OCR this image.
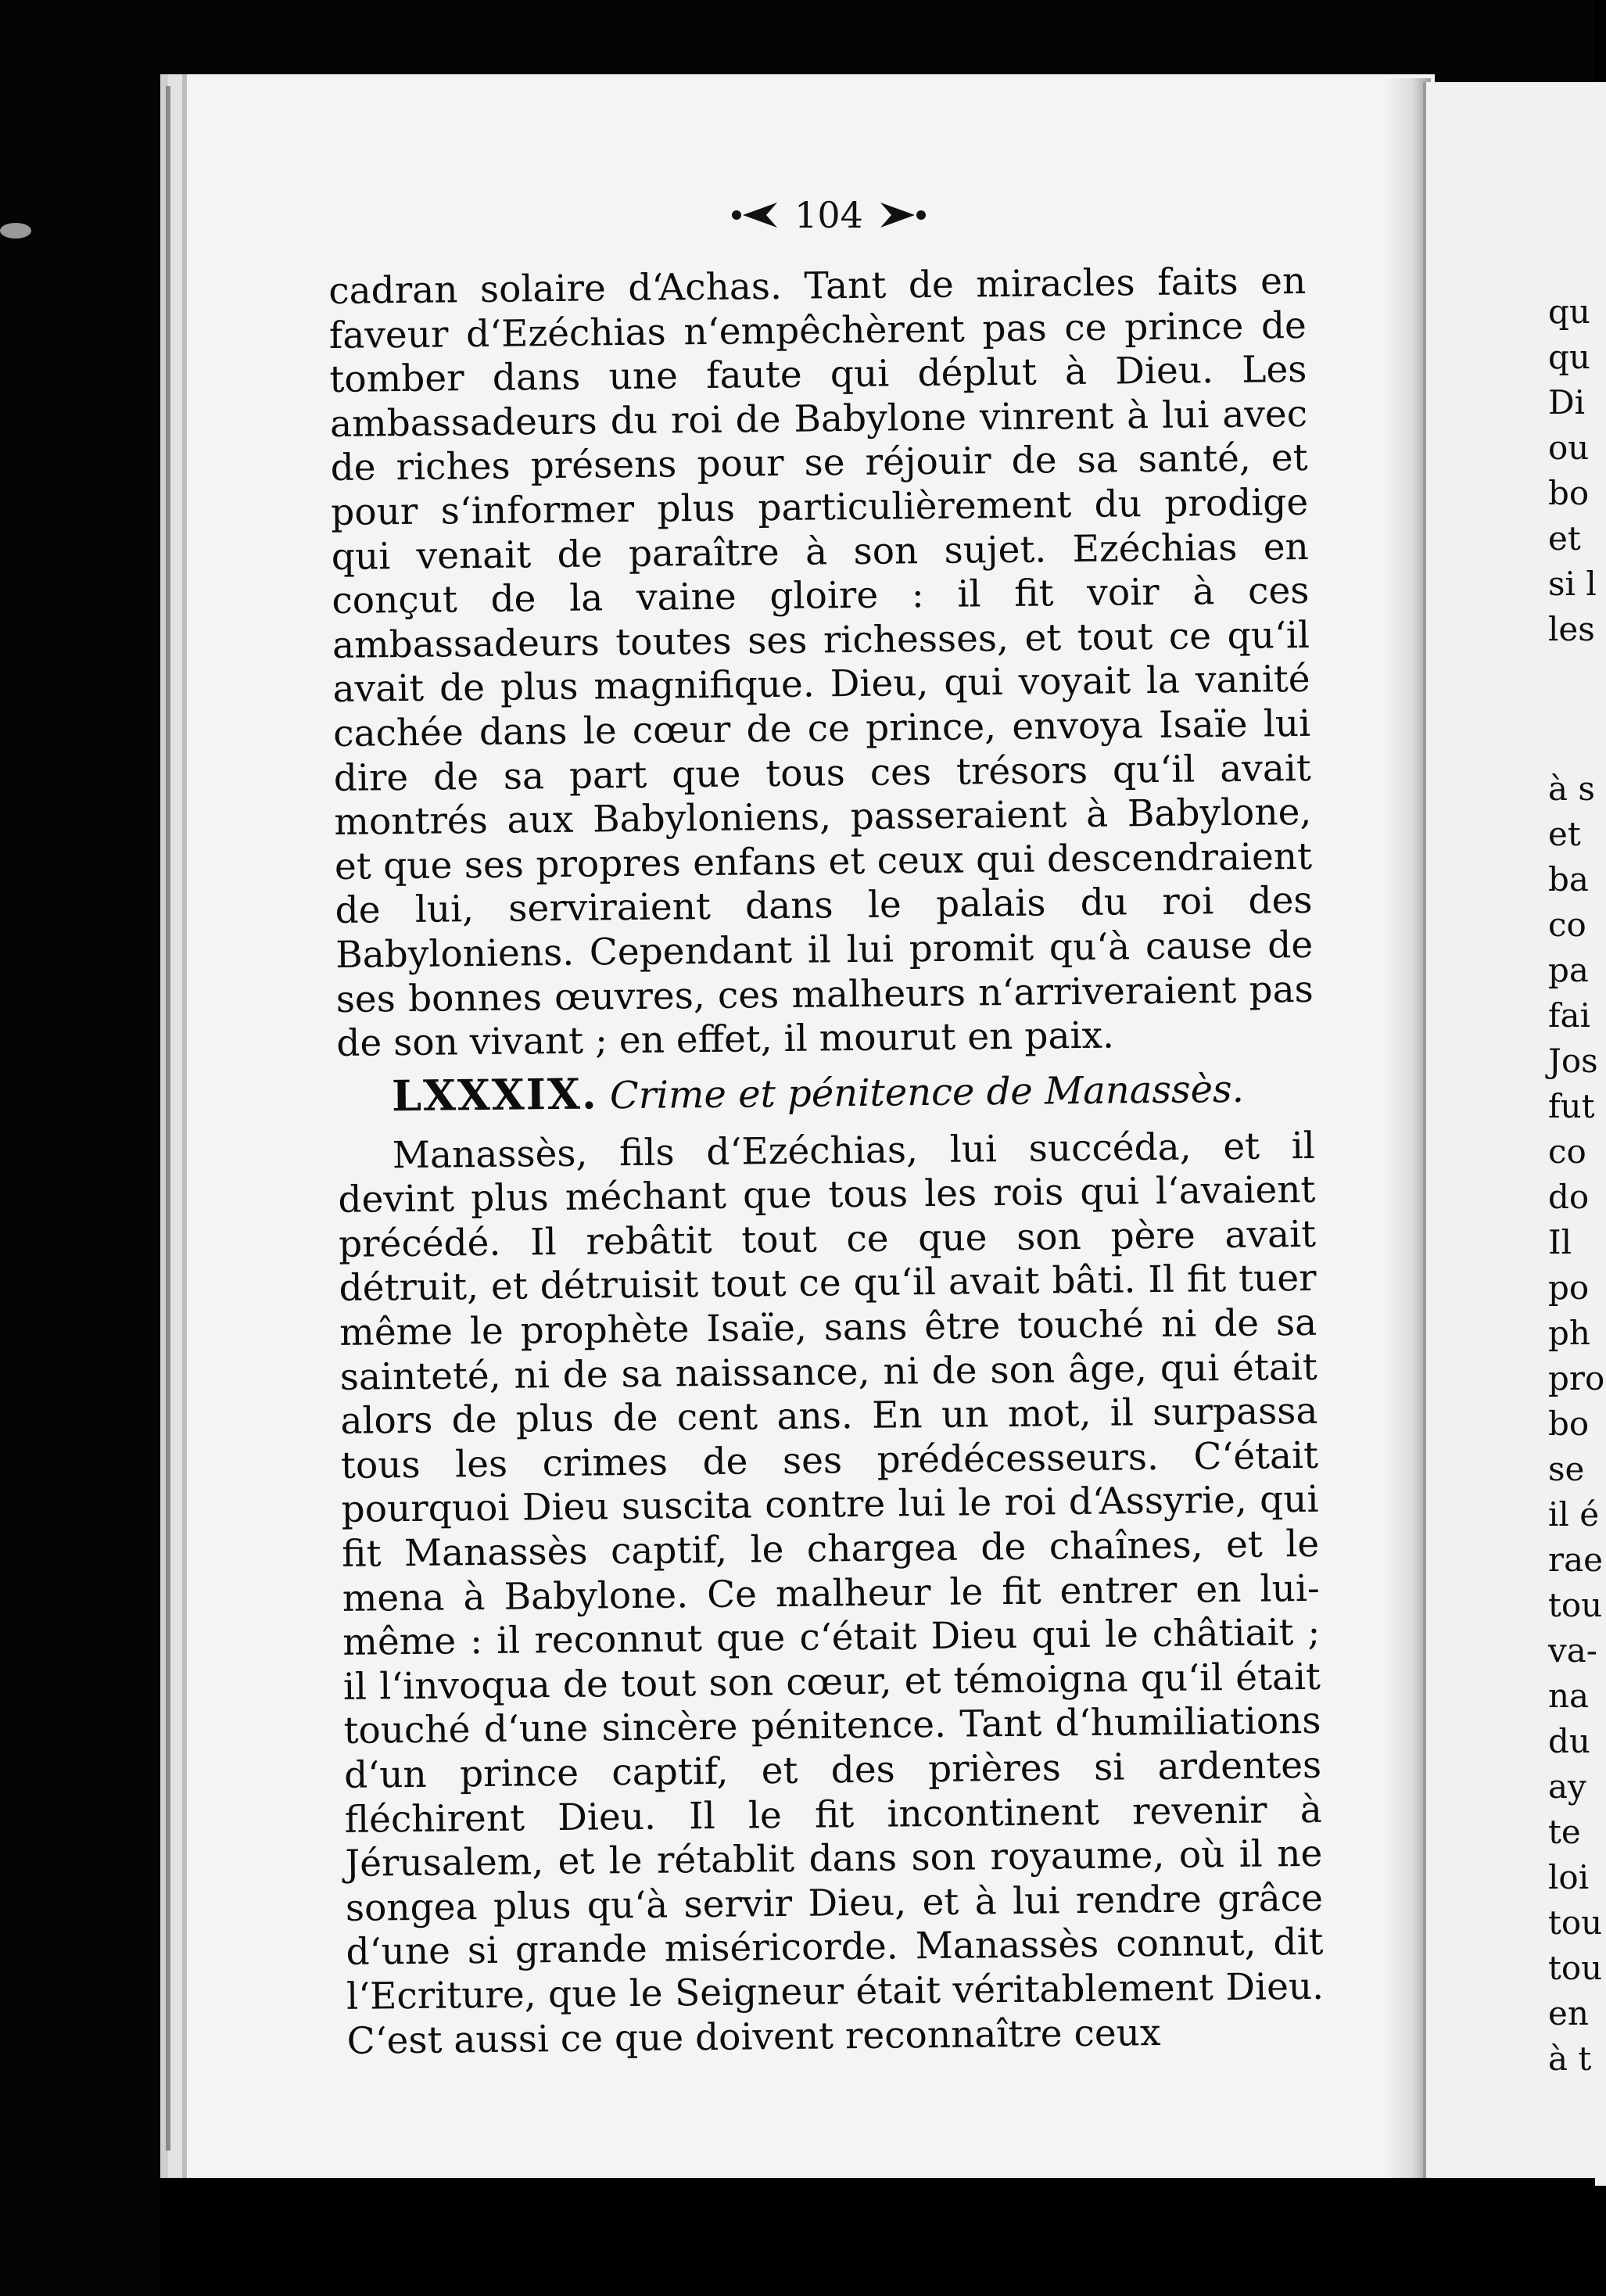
104

cadran solaire d‘Achas. Tant de miracles faits en faveur d‘Ezéchias n‘empêchèrent pas ce prince de tomber dans une faute qui déplut à Dieu. Les ambassadeurs du roi de Babylone vinrent à lui avec de riches présens pour se réjouir de sa santé, et pour s‘informer plus particulièrement du prodige qui venait de paraître à son sujet. Ezéchias en conçut de la vaine gloire : il fit voir à ces ambassadeurs toutes ses richesses, et tout ce qu‘il avait de plus magnifique. Dieu, qui voyait la vanité cachée dans le cœur de ce prince, envoya Isaïe lui dire de sa part que tous ces trésors qu‘il avait montrés aux Babyloniens, passeraient à Babylone, et que ses propres enfans et ceux qui descendraient de lui, serviraient dans le palais du roi des Babyloniens. Cependant il lui promit qu‘à cause de ses bonnes œuvres, ces malheurs n‘arriveraient pas de son vivant ; en effet, il mourut en paix.

LXXXIX. Crime et pénitence de Manassès.

Manassès, fils d‘Ezéchias, lui succéda, et il devint plus méchant que tous les rois qui l‘avaient précédé. Il rebâtit tout ce que son père avait détruit, et détruisit tout ce qu‘il avait bâti. Il fit tuer même le prophète Isaïe, sans être touché ni de sa sainteté, ni de sa naissance, ni de son âge, qui était alors de plus de cent ans. En un mot, il surpassa tous les crimes de ses prédécesseurs. C‘était pourquoi Dieu suscita contre lui le roi d‘Assyrie, qui fit Manassès captif, le chargea de chaînes, et le mena à Babylone. Ce malheur le fit entrer en lui-même : il reconnut que c‘était Dieu qui le châtiait ; il l‘invoqua de tout son cœur, et témoigna qu‘il était touché d‘une sincère pénitence. Tant d‘humiliations d‘un prince captif, et des prières si ardentes fléchirent Dieu. Il le fit incontinent revenir à Jérusalem, et le rétablit dans son royaume, où il ne songea plus qu‘à servir Dieu, et à lui rendre grâce d‘une si grande miséricorde. Manassès connut, dit l‘Ecriture, que le Seigneur était véritablement Dieu. C‘est aussi ce que doivent reconnaître ceux

qu
qu
Di
ou
bo
et
si l
les
à s
et
ba
co
pa
fai
Jos
fut
co
do
Il
po
ph
pro
bo
se
il é
rae
tou
va-
na
du
ay
te
loi
tou
tou
en
à t
